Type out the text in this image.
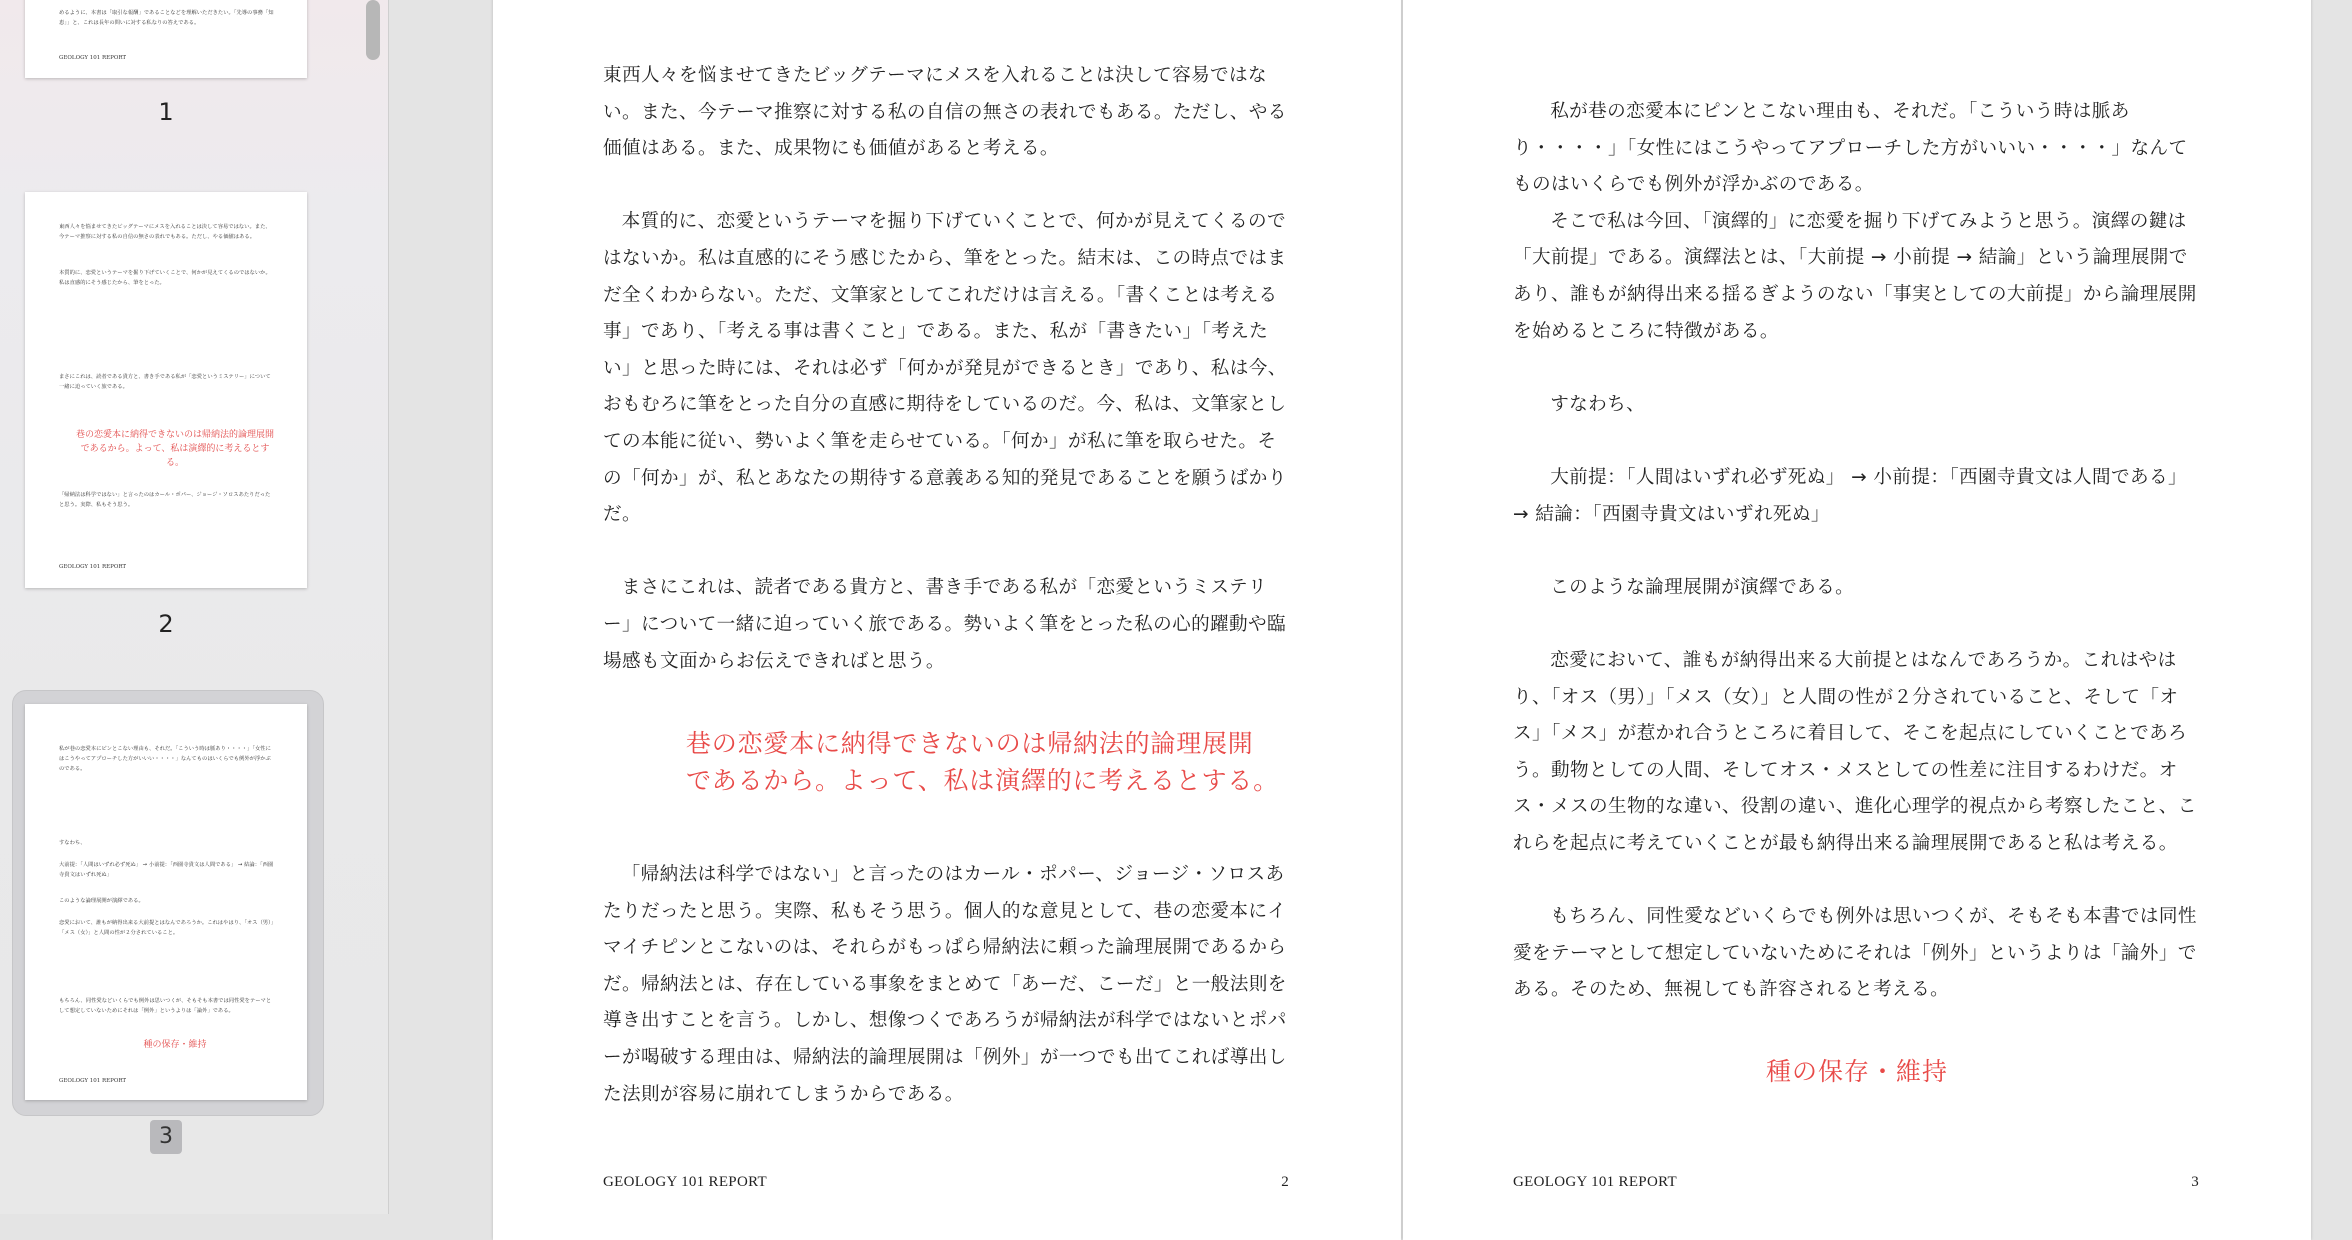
めるように、本書は「取引な報酬」であることなどを理解いただきたい。「先導の事務「知恵」」と、これは長年の問いに対する私なりの答えである。
GEOLOGY 101 REPORT
1
東西人々を悩ませてきたビッグテーマにメスを入れることは決して容易ではない。また、今テーマ推察に対する私の自信の無さの表れでもある。ただし、やる価値はある。
本質的に、恋愛というテーマを掘り下げていくことで、何かが見えてくるのではないか。私は直感的にそう感じたから、筆をとった。
まさにこれは、読者である貴方と、書き手である私が「恋愛というミステリー」について一緒に迫っていく旅である。
巷の恋愛本に納得できないのは帰納法的論理展開であるから。よって、私は演繹的に考えるとする。
「帰納法は科学ではない」と言ったのはカール・ポパー、ジョージ・ソロスあたりだったと思う。実際、私もそう思う。
GEOLOGY 101 REPORT
2
私が巷の恋愛本にピンとこない理由も、それだ。「こういう時は脈あり・・・・」「女性にはこうやってアプローチした方がいいい・・・・」なんてものはいくらでも例外が浮かぶのである。
すなわち、
大前提：「人間はいずれ必ず死ぬ」 → 小前提：「西園寺貴文は人間である」 → 結論：「西園寺貴文はいずれ死ぬ」
このような論理展開が演繹である。
恋愛において、誰もが納得出来る大前提とはなんであろうか。これはやはり、「オス（男）」「メス（女）」と人間の性が２分されていること。
もちろん、同性愛などいくらでも例外は思いつくが、そもそも本書では同性愛をテーマとして想定していないためにそれは「例外」というよりは「論外」である。
種の保存・維持
GEOLOGY 101 REPORT
3

東西人々を悩ませてきたビッグテーマにメスを入れることは決して容易ではない。また、今テーマ推察に対する私の自信の無さの表れでもある。ただし、やる価値はある。また、成果物にも価値があると考える。

本質的に、恋愛というテーマを掘り下げていくことで、何かが見えてくるのではないか。私は直感的にそう感じたから、筆をとった。結末は、この時点ではまだ全くわからない。ただ、文筆家としてこれだけは言える。「書くことは考える事」であり、「考える事は書くこと」である。また、私が「書きたい」「考えたい」と思った時には、それは必ず「何かが発見ができるとき」であり、私は今、おもむろに筆をとった自分の直感に期待をしているのだ。今、私は、文筆家としての本能に従い、勢いよく筆を走らせている。「何か」が私に筆を取らせた。その「何か」が、私とあなたの期待する意義ある知的発見であることを願うばかりだ。

まさにこれは、読者である貴方と、書き手である私が「恋愛というミステリー」について一緒に迫っていく旅である。勢いよく筆をとった私の心的躍動や臨場感も文面からお伝えできればと思う。

巷の恋愛本に納得できないのは帰納法的論理展開
であるから。よって、私は演繹的に考えるとする。

「帰納法は科学ではない」と言ったのはカール・ポパー、ジョージ・ソロスあたりだったと思う。実際、私もそう思う。個人的な意見として、巷の恋愛本にイマイチピンとこないのは、それらがもっぱら帰納法に頼った論理展開であるからだ。帰納法とは、存在している事象をまとめて「あーだ、こーだ」と一般法則を導き出すことを言う。しかし、想像つくであろうが帰納法が科学ではないとポパーが喝破する理由は、帰納法的論理展開は「例外」が一つでも出てこれば導出した法則が容易に崩れてしまうからである。

GEOLOGY 101 REPORT	2

私が巷の恋愛本にピンとこない理由も、それだ。「こういう時は脈あり・・・・」「女性にはこうやってアプローチした方がいいい・・・・」なんてものはいくらでも例外が浮かぶのである。

そこで私は今回、「演繹的」に恋愛を掘り下げてみようと思う。演繹の鍵は「大前提」である。演繹法とは、「大前提 → 小前提 → 結論」という論理展開であり、誰もが納得出来る揺るぎようのない「事実としての大前提」から論理展開を始めるところに特徴がある。

すなわち、

大前提：「人間はいずれ必ず死ぬ」 → 小前提：「西園寺貴文は人間である」 → 結論：「西園寺貴文はいずれ死ぬ」

このような論理展開が演繹である。

恋愛において、誰もが納得出来る大前提とはなんであろうか。これはやはり、「オス（男）」「メス（女）」と人間の性が２分されていること、そして「オス」「メス」が惹かれ合うところに着目して、そこを起点にしていくことであろう。動物としての人間、そしてオス・メスとしての性差に注目するわけだ。オス・メスの生物的な違い、役割の違い、進化心理学的視点から考察したこと、これらを起点に考えていくことが最も納得出来る論理展開であると私は考える。

もちろん、同性愛などいくらでも例外は思いつくが、そもそも本書では同性愛をテーマとして想定していないためにそれは「例外」というよりは「論外」である。そのため、無視しても許容されると考える。

種の保存・維持
GEOLOGY 101 REPORT	3
